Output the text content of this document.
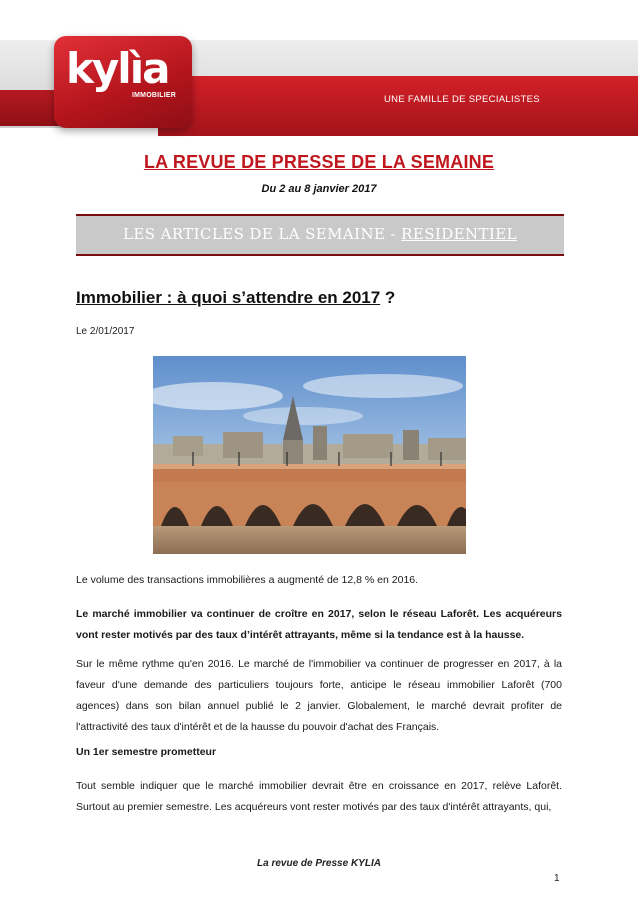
UNE FAMILLE DE SPECIALISTES
kylìa
IMMOBILIER
LA REVUE DE PRESSE DE LA SEMAINE
Du 2 au 8 janvier 2017
LES ARTICLES DE LA SEMAINE - RESIDENTIEL
Immobilier : à quoi s’attendre en 2017 ?
Le 2/01/2017
Le volume des transactions immobilières a augmenté de 12,8 % en 2016.
Le marché immobilier va continuer de croître en 2017, selon le réseau Laforêt. Les acquéreurs vont rester motivés par des taux d’intérêt attrayants, même si la tendance est à la hausse.
Sur le même rythme qu'en 2016. Le marché de l'immobilier va continuer de progresser en 2017, à la faveur d'une demande des particuliers toujours forte, anticipe le réseau immobilier Laforêt (700 agences) dans son bilan annuel publié le 2 janvier. Globalement, le marché devrait profiter de l'attractivité des taux d'intérêt et de la hausse du pouvoir d'achat des Français.
Un 1er semestre prometteur
Tout semble indiquer que le marché immobilier devrait être en croissance en 2017, relève Laforêt. Surtout au premier semestre. Les acquéreurs vont rester motivés par des taux d'intérêt attrayants, qui,
La revue de Presse KYLIA
1
